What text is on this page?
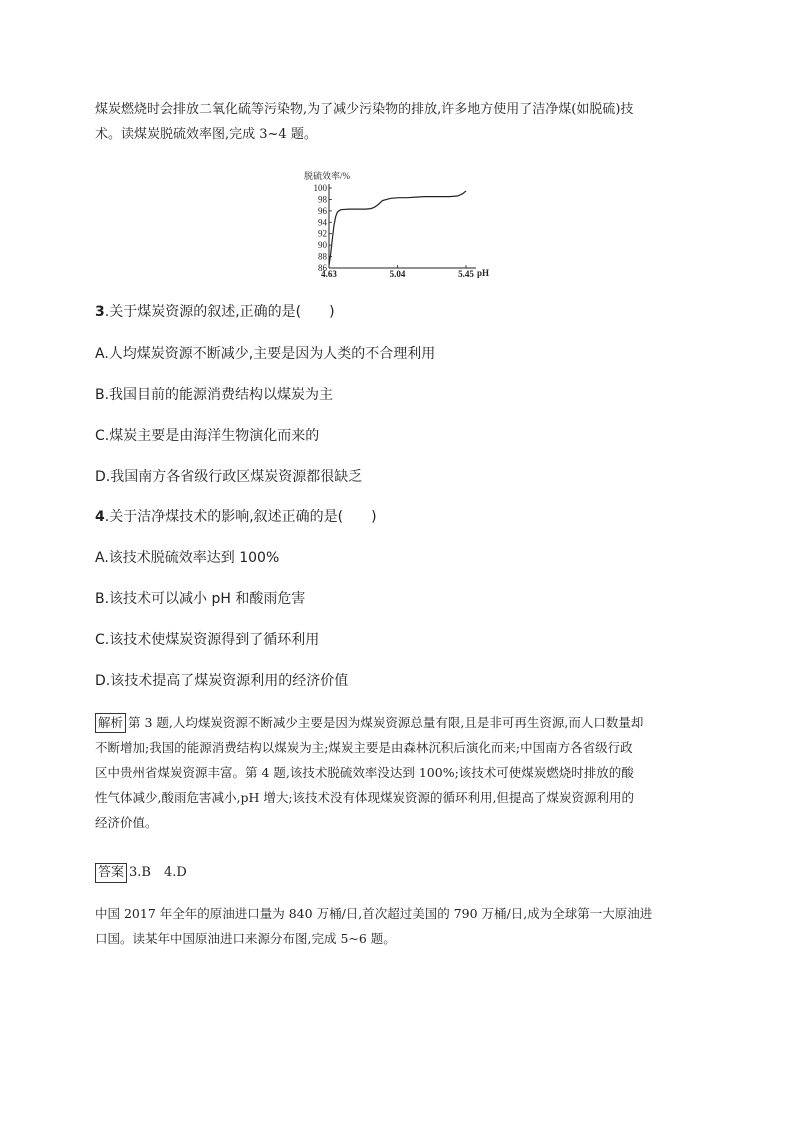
煤炭燃烧时会排放二氧化硫等污染物,为了减少污染物的排放,许多地方使用了洁净煤(如脱硫)技
术。读煤炭脱硫效率图,完成 3~4 题。

脱硫效率/%
100
98
96
94
92
90
88
86
4.63	5.04	5.45 pH

3.关于煤炭资源的叙述,正确的是(　　)

A.人均煤炭资源不断减少,主要是因为人类的不合理利用

B.我国目前的能源消费结构以煤炭为主

C.煤炭主要是由海洋生物演化而来的

D.我国南方各省级行政区煤炭资源都很缺乏

4.关于洁净煤技术的影响,叙述正确的是(　　)

A.该技术脱硫效率达到 100%

B.该技术可以减小 pH 和酸雨危害

C.该技术使煤炭资源得到了循环利用

D.该技术提高了煤炭资源利用的经济价值

解析 第 3 题,人均煤炭资源不断减少主要是因为煤炭资源总量有限,且是非可再生资源,而人口数量却
不断增加;我国的能源消费结构以煤炭为主;煤炭主要是由森林沉积后演化而来;中国南方各省级行政
区中贵州省煤炭资源丰富。第 4 题,该技术脱硫效率没达到 100%;该技术可使煤炭燃烧时排放的酸
性气体减少,酸雨危害减小,pH 增大;该技术没有体现煤炭资源的循环利用,但提高了煤炭资源利用的
经济价值。

答案 3.B　4.D

中国 2017 年全年的原油进口量为 840 万桶/日,首次超过美国的 790 万桶/日,成为全球第一大原油进
口国。读某年中国原油进口来源分布图,完成 5~6 题。
